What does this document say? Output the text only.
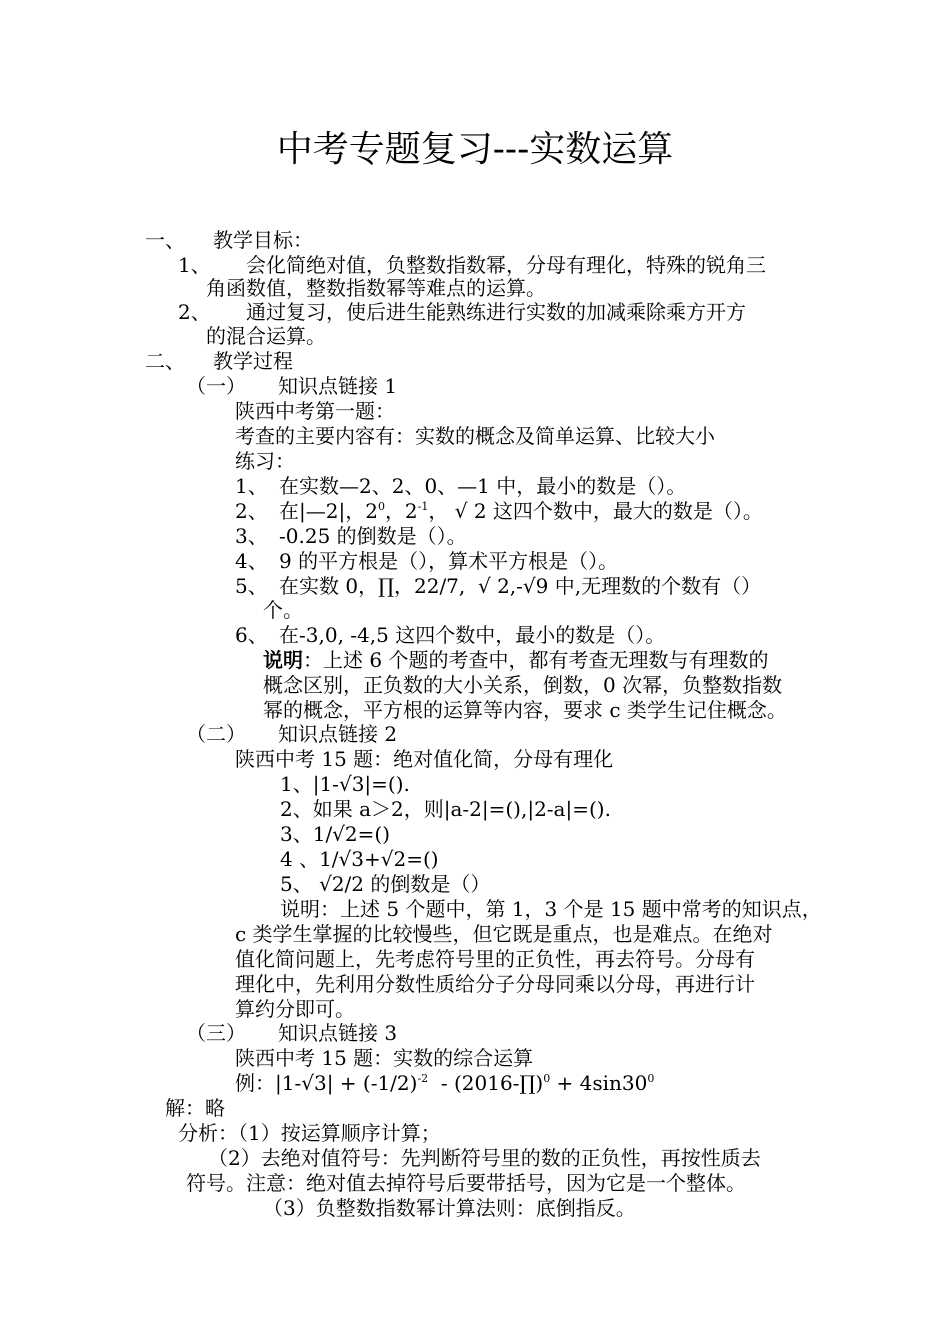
中考专题复习---实数运算
一、 教学目标：
1、 会化简绝对值，负整数指数幂，分母有理化，特殊的锐角三
角函数值，整数指数幂等难点的运算。
2、 通过复习，使后进生能熟练进行实数的加减乘除乘方开方
的混合运算。
二、 教学过程
（一） 知识点链接 1
陕西中考第一题：
考查的主要内容有：实数的概念及简单运算、比较大小
练习：
1、 在实数—2、2、0、—1 中，最小的数是（）。
2、 在|—2|，$2^0$，$2^{-1}$， √ 2 这四个数中，最大的数是（）。
3、 -0.25 的倒数是（）。
4、 9 的平方根是（），算术平方根是（）。
5、 在实数 0，∏，22/7,  √ 2,-√9 中,无理数的个数有（）
个。
6、 在-3,0, -4,5 这四个数中，最小的数是（）。
说明：上述 6 个题的考查中，都有考查无理数与有理数的
概念区别，正负数的大小关系，倒数，0 次幂，负整数指数
幂的概念，平方根的运算等内容，要求 c 类学生记住概念。
（二） 知识点链接 2
陕西中考 15 题：绝对值化简，分母有理化
1、|1-√3|=().
2、如果 a＞2，则|a-2|=(),|2-a|=().
3、1/√2=()
4 、1/√3+√2=()
5、 √2/2 的倒数是（）
说明：上述 5 个题中，第 1，3 个是 15 题中常考的知识点，
c 类学生掌握的比较慢些，但它既是重点，也是难点。在绝对
值化简问题上，先考虑符号里的正负性，再去符号。分母有
理化中，先利用分数性质给分子分母同乘以分母，再进行计
算约分即可。
（三） 知识点链接 3
陕西中考 15 题：实数的综合运算
例：$|1-√3| + (-1/2)^{-2}$  - (2016-∏)$^0$ + $4\sin 30^0$
解：略
分析：（1）按运算顺序计算；
（2）去绝对值符号：先判断符号里的数的正负性，再按性质去
符号。注意：绝对值去掉符号后要带括号，因为它是一个整体。
（3）负整数指数幂计算法则：底倒指反。
